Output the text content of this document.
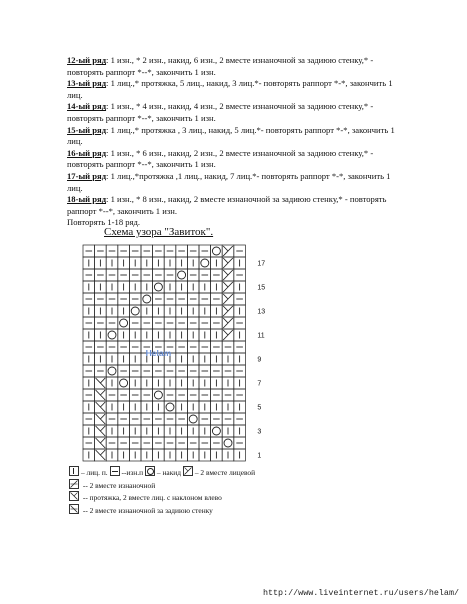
12-ый ряд: 1 изн., * 2 изн., накид, 6 изн., 2 вместе изнаночной за задиюю стенку,* - повторять раппорт *--*, закончить 1 изн.

13-ый ряд: 1 лиц.,* протяжка, 5 лиц., накид, 3 лиц.*- повторять раппорт *-*, закончить 1 лиц.

14-ый ряд: 1 изн., * 4 изн., накид, 4 изн., 2 вместе изнаночной за задиюю стенку,* - повторять раппорт *--*, закончить 1 изн.

15-ый ряд: 1 лиц.,* протяжка , 3 лиц., накид, 5 лиц.*- повторять раппорт *-*, закончить 1 лиц.

16-ый ряд: 1 изн., * 6 изн., накид, 2 изн., 2 вместе изнаночной за задиюю стенку,* - повторять раппорт *--*, закончить 1 изн.

17-ый ряд: 1 лиц.,*протяжка ,1 лиц., накид, 7 лиц.*- повторять раппорт *-*, закончить 1 лиц.

18-ый ряд: 1 изн., * 8 изн., накид, 2 вместе изнаночной за задиюю стенку,* - повторять раппорт *--*, закончить 1 изн.

Повторять 1-18 ряд.

Схема узора "Завиток".
17
15
13
11
9
7
5
3
1
Helam
– лиц. п. --изн.п – накид – 2 вместе лицевой
-- 2 вместе изнаночной
-- протяжка, 2 вместе лиц. с наклоном влево
-- 2 вместе изнаночной за задиюю стенку
http://www.liveinternet.ru/users/helam/
